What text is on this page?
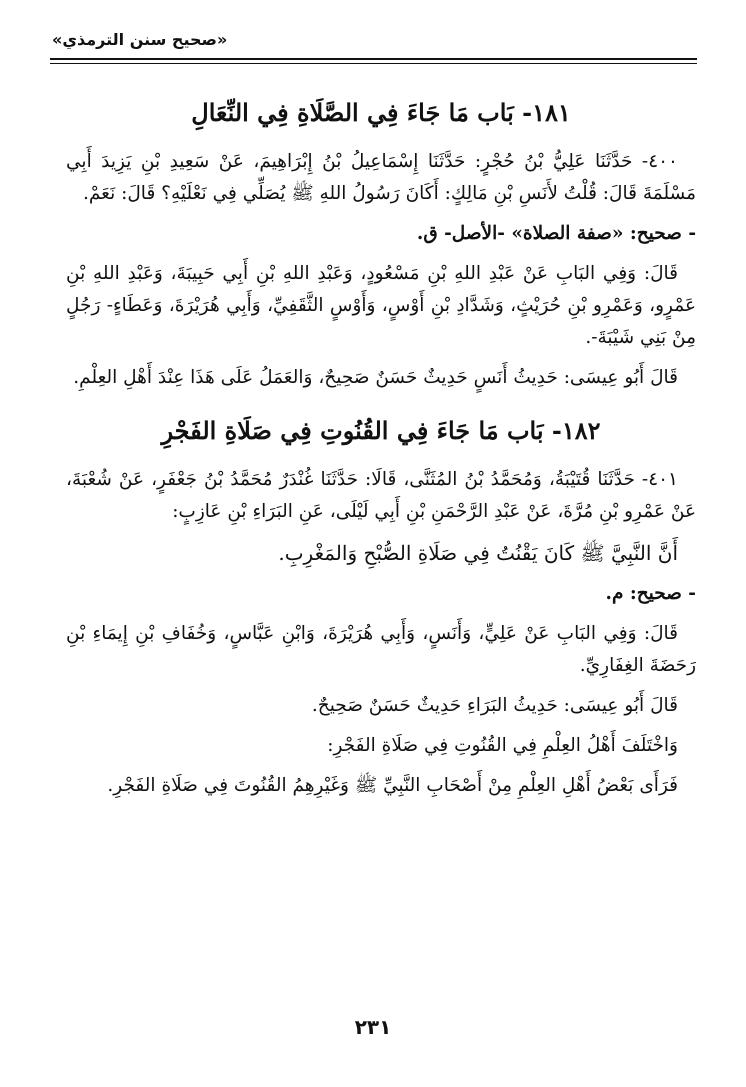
«صحيح سنن الترمذي»
١٨١- بَاب مَا جَاءَ فِي الصَّلَاةِ فِي النِّعَالِ

٤٠٠- حَدَّثَنَا عَلِيُّ بْنُ حُجْرٍ: حَدَّثَنَا إِسْمَاعِيلُ بْنُ إِبْرَاهِيمَ، عَنْ سَعِيدِ بْنِ يَزِيدَ أَبِي مَسْلَمَةَ قَالَ: قُلْتُ لأَنَسِ بْنِ مَالِكٍ: أَكَانَ رَسُولُ اللهِ ﷺ يُصَلِّي فِي نَعْلَيْهِ؟ قَالَ: نَعَمْ.

- صحيح: «صفة الصلاة» -الأصل- ق.

قَالَ: وَفِي البَابِ عَنْ عَبْدِ اللهِ بْنِ مَسْعُودٍ، وَعَبْدِ اللهِ بْنِ أَبِي حَبِيبَةَ، وَعَبْدِ اللهِ بْنِ عَمْرٍو، وَعَمْرِو بْنِ حُرَيْثٍ، وَشَدَّادِ بْنِ أَوْسٍ، وَأَوْسٍ الثَّقَفِيِّ، وَأَبِي هُرَيْرَةَ، وَعَطَاءٍ- رَجُلٍ مِنْ بَنِي شَيْبَةَ-.

قَالَ أَبُو عِيسَى: حَدِيثُ أَنَسٍ حَدِيثٌ حَسَنٌ صَحِيحٌ، وَالعَمَلُ عَلَى هَذَا عِنْدَ أَهْلِ العِلْمِ.

١٨٢- بَاب مَا جَاءَ فِي القُنُوتِ فِي صَلَاةِ الفَجْرِ

٤٠١- حَدَّثَنَا قُتَيْبَةُ، وَمُحَمَّدُ بْنُ المُثَنَّى، قَالَا: حَدَّثَنَا غُنْدَرٌ مُحَمَّدُ بْنُ جَعْفَرٍ، عَنْ شُعْبَةَ، عَنْ عَمْرِو بْنِ مُرَّةَ، عَنْ عَبْدِ الرَّحْمَنِ بْنِ أَبِي لَيْلَى، عَنِ البَرَاءِ بْنِ عَازِبٍ:

أَنَّ النَّبِيَّ ﷺ كَانَ يَقْنُتُ فِي صَلَاةِ الصُّبْحِ وَالمَغْرِبِ.

- صحيح: م.

قَالَ: وَفِي البَابِ عَنْ عَلِيٍّ، وَأَنَسٍ، وَأَبِي هُرَيْرَةَ، وَابْنِ عَبَّاسٍ، وَخُفَافِ بْنِ إِيمَاءِ بْنِ رَحَضَةَ الغِفَارِيِّ.

قَالَ أَبُو عِيسَى: حَدِيثُ البَرَاءِ حَدِيثٌ حَسَنٌ صَحِيحٌ.

وَاخْتَلَفَ أَهْلُ العِلْمِ فِي القُنُوتِ فِي صَلَاةِ الفَجْرِ:

فَرَأَى بَعْضُ أَهْلِ العِلْمِ مِنْ أَصْحَابِ النَّبِيِّ ﷺ وَغَيْرِهِمُ القُنُوتَ فِي صَلَاةِ الفَجْرِ.

٢٣١
